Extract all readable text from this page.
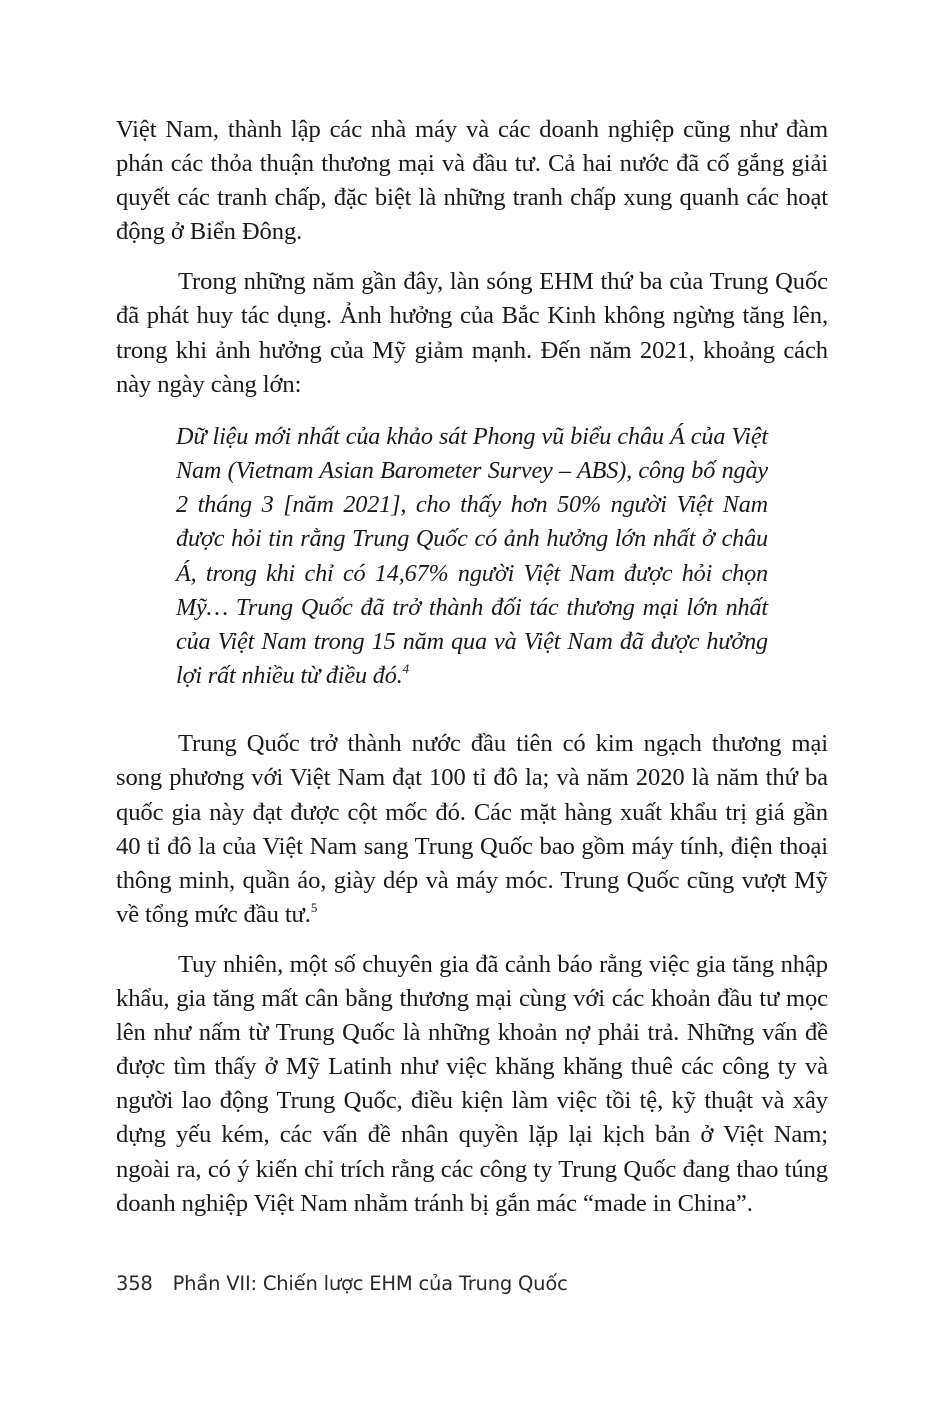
Việt Nam, thành lập các nhà máy và các doanh nghiệp cũng như đàm phán các thỏa thuận thương mại và đầu tư. Cả hai nước đã cố gắng giải quyết các tranh chấp, đặc biệt là những tranh chấp xung quanh các hoạt động ở Biển Đông.

Trong những năm gần đây, làn sóng EHM thứ ba của Trung Quốc đã phát huy tác dụng. Ảnh hưởng của Bắc Kinh không ngừng tăng lên, trong khi ảnh hưởng của Mỹ giảm mạnh. Đến năm 2021, khoảng cách này ngày càng lớn:

Dữ liệu mới nhất của khảo sát Phong vũ biểu châu Á của Việt Nam (Vietnam Asian Barometer Survey – ABS), công bố ngày 2 tháng 3 [năm 2021], cho thấy hơn 50% người Việt Nam được hỏi tin rằng Trung Quốc có ảnh hưởng lớn nhất ở châu Á, trong khi chỉ có 14,67% người Việt Nam được hỏi chọn Mỹ… Trung Quốc đã trở thành đối tác thương mại lớn nhất của Việt Nam trong 15 năm qua và Việt Nam đã được hưởng lợi rất nhiều từ điều đó.$^4$

Trung Quốc trở thành nước đầu tiên có kim ngạch thương mại song phương với Việt Nam đạt 100 tỉ đô la; và năm 2020 là năm thứ ba quốc gia này đạt được cột mốc đó. Các mặt hàng xuất khẩu trị giá gần 40 tỉ đô la của Việt Nam sang Trung Quốc bao gồm máy tính, điện thoại thông minh, quần áo, giày dép và máy móc. Trung Quốc cũng vượt Mỹ về tổng mức đầu tư.$^5$

Tuy nhiên, một số chuyên gia đã cảnh báo rằng việc gia tăng nhập khẩu, gia tăng mất cân bằng thương mại cùng với các khoản đầu tư mọc lên như nấm từ Trung Quốc là những khoản nợ phải trả. Những vấn đề được tìm thấy ở Mỹ Latinh như việc khăng khăng thuê các công ty và người lao động Trung Quốc, điều kiện làm việc tồi tệ, kỹ thuật và xây dựng yếu kém, các vấn đề nhân quyền lặp lại kịch bản ở Việt Nam; ngoài ra, có ý kiến chỉ trích rằng các công ty Trung Quốc đang thao túng doanh nghiệp Việt Nam nhằm tránh bị gắn mác “made in China”.

358 Phần VII: Chiến lược EHM của Trung Quốc
